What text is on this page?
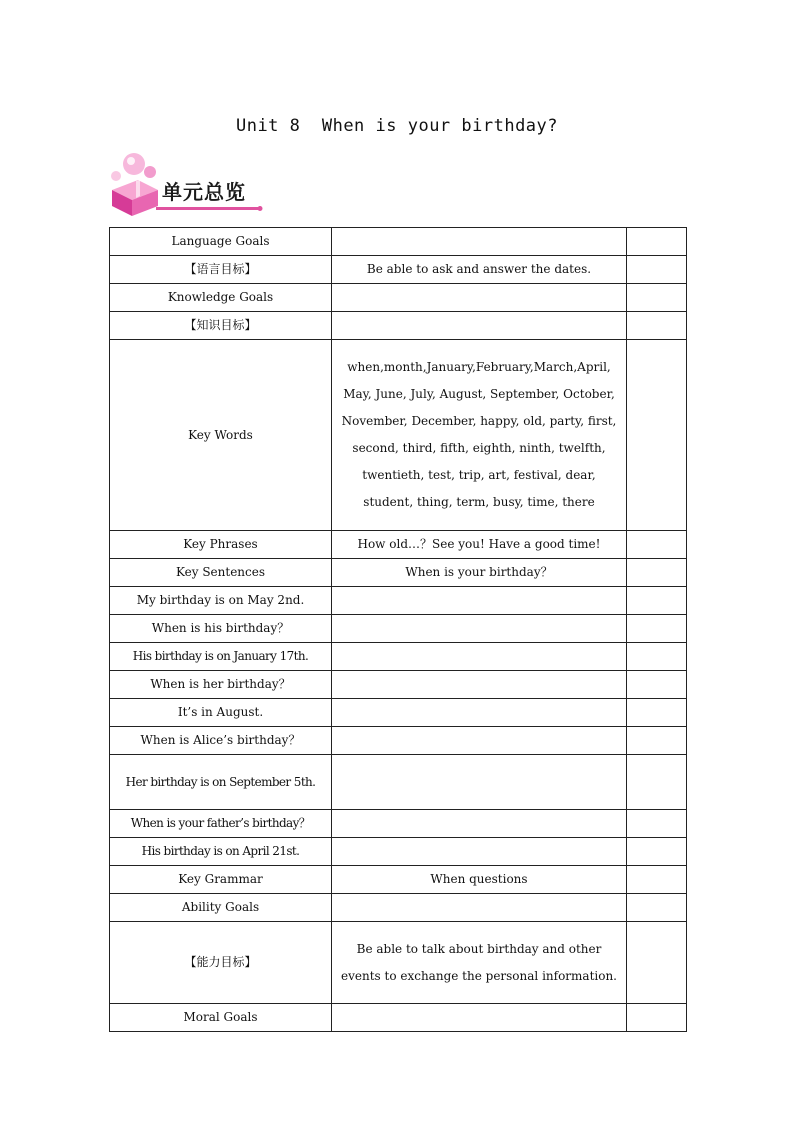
Unit 8  When is your birthday?
单元总览
Language Goals		
【语言目标】	Be able to ask and answer the dates.	
Knowledge Goals		
【知识目标】		
Key Words	when,month,January,February,March,April, May, June, July, August, September, October, November, December, happy, old, party, first, second, third, fifth, eighth, ninth, twelfth, twentieth, test, trip, art, festival, dear, student, thing, term, busy, time, there	
Key Phrases	How old…？See you! Have a good time!	
Key Sentences	When is your birthday？	
My birthday is on May 2nd.		
When is his birthday？		
His birthday is on January 17th.		
When is her birthday？		
It’s in August.		
When is Alice’s birthday？		
Her birthday is on September 5th.		
When is your father’s birthday？		
His birthday is on April 21st.		
Key Grammar	When questions	
Ability Goals		
【能力目标】	Be able to talk about birthday and other events to exchange the personal information.	
Moral Goals		
